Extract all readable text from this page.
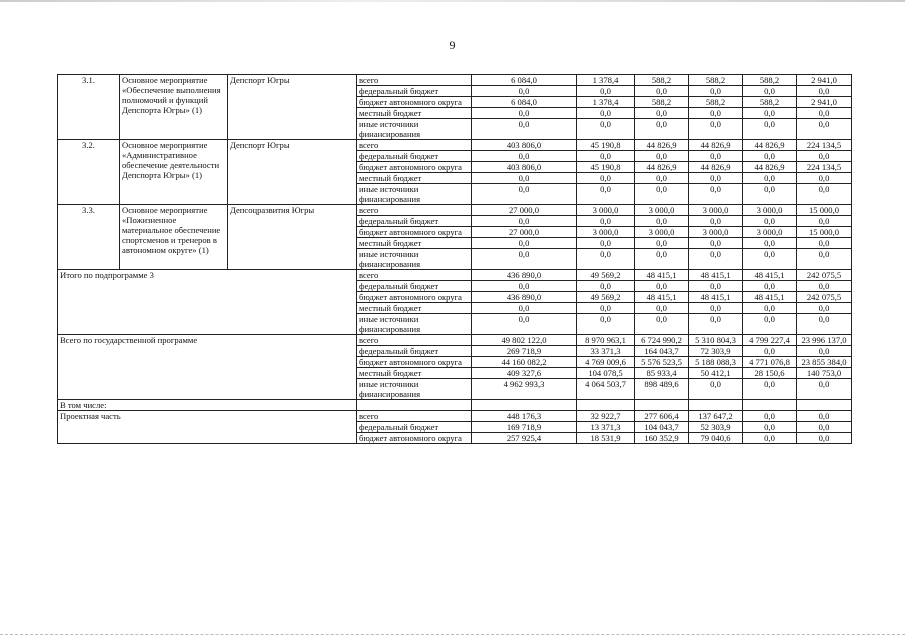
9
3.1.	Основное мероприятие «Обеспечение выполнения полномочий и функций Депспорта Югры» (1)	Депспорт Югры	всего	6 084,0	1 378,4	588,2	588,2	588,2	2 941,0
			федеральный бюджет	0,0	0,0	0,0	0,0	0,0	0,0
			бюджет автономного округа	6 084,0	1 378,4	588,2	588,2	588,2	2 941,0
			местный бюджет	0,0	0,0	0,0	0,0	0,0	0,0
			иные источники финансирования	0,0	0,0	0,0	0,0	0,0	0,0
3.2.	Основное мероприятие «Административное обеспечение деятельности Депспорта Югры» (1)	Депспорт Югры	всего	403 806,0	45 190,8	44 826,9	44 826,9	44 826,9	224 134,5
			федеральный бюджет	0,0	0,0	0,0	0,0	0,0	0,0
			бюджет автономного округа	403 806,0	45 190,8	44 826,9	44 826,9	44 826,9	224 134,5
			местный бюджет	0,0	0,0	0,0	0,0	0,0	0,0
			иные источники финансирования	0,0	0,0	0,0	0,0	0,0	0,0
3.3.	Основное мероприятие «Пожизненное материальное обеспечение спортсменов и тренеров в автономном округе» (1)	Депсоцразвития Югры	всего	27 000,0	3 000,0	3 000,0	3 000,0	3 000,0	15 000,0
			федеральный бюджет	0,0	0,0	0,0	0,0	0,0	0,0
			бюджет автономного округа	27 000,0	3 000,0	3 000,0	3 000,0	3 000,0	15 000,0
			местный бюджет	0,0	0,0	0,0	0,0	0,0	0,0
			иные источники финансирования	0,0	0,0	0,0	0,0	0,0	0,0
Итого по подпрограмме 3			всего	436 890,0	49 569,2	48 415,1	48 415,1	48 415,1	242 075,5
			федеральный бюджет	0,0	0,0	0,0	0,0	0,0	0,0
			бюджет автономного округа	436 890,0	49 569,2	48 415,1	48 415,1	48 415,1	242 075,5
			местный бюджет	0,0	0,0	0,0	0,0	0,0	0,0
			иные источники финансирования	0,0	0,0	0,0	0,0	0,0	0,0
Всего по государственной программе			всего	49 802 122,0	8 970 963,1	6 724 990,2	5 310 804,3	4 799 227,4	23 996 137,0
			федеральный бюджет	269 718,9	33 371,3	164 043,7	72 303,9	0,0	0,0
			бюджет автономного округа	44 160 082,2	4 769 009,6	5 576 523,5	5 188 088,3	4 771 076,8	23 855 384,0
			местный бюджет	409 327,6	104 078,5	85 933,4	50 412,1	28 150,6	140 753,0
			иные источники финансирования	4 962 993,3	4 064 503,7	898 489,6	0,0	0,0	0,0
В том числе:									
Проектная часть			всего	448 176,3	32 922,7	277 606,4	137 647,2	0,0	0,0
			федеральный бюджет	169 718,9	13 371,3	104 043,7	52 303,9	0,0	0,0
			бюджет автономного округа	257 925,4	18 531,9	160 352,9	79 040,6	0,0	0,0
